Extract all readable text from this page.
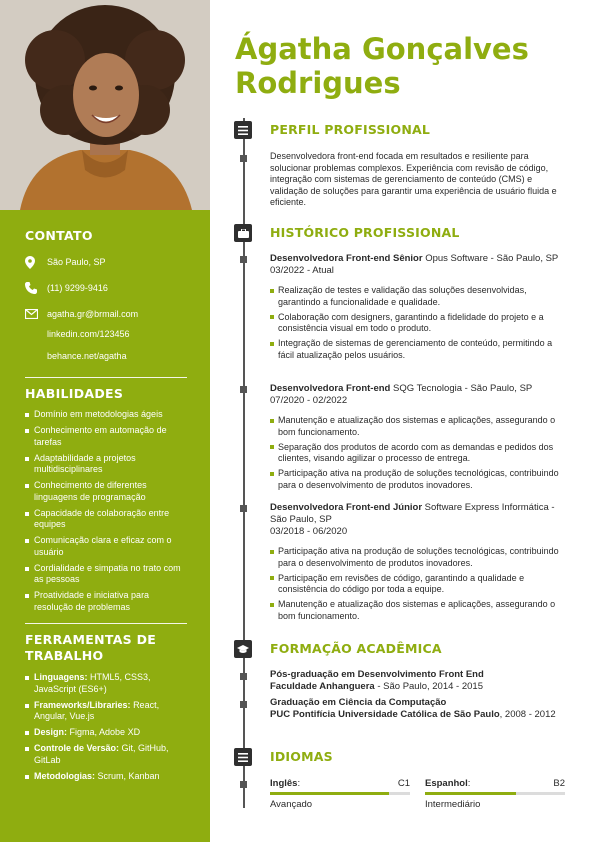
CONTATO
São Paulo, SP
(11) 9299-9416
agatha.gr@brmail.com
linkedin.com/123456
behance.net/agatha
HABILIDADES
Domínio em metodologias ágeis
Conhecimento em automação de tarefas
Adaptabilidade a projetos multidisciplinares
Conhecimento de diferentes linguagens de programação
Capacidade de colaboração entre equipes
Comunicação clara e eficaz com o usuário
Cordialidade e simpatia no trato com as pessoas
Proatividade e iniciativa para resolução de problemas
FERRAMENTAS DE
TRABALHO
Linguagens: HTML5, CSS3, JavaScript (ES6+)
Frameworks/Libraries: React, Angular, Vue.js
Design: Figma, Adobe XD
Controle de Versão: Git, GitHub, GitLab
Metodologias: Scrum, Kanban
Ágatha Gonçalves
Rodrigues
PERFIL PROFISSIONAL
Desenvolvedora front-end focada em resultados e resiliente para solucionar problemas complexos. Experiência com revisão de código, integração com sistemas de gerenciamento de conteúdo (CMS) e validação de soluções para garantir uma experiência de usuário fluida e eficiente.
HISTÓRICO PROFISSIONAL
Desenvolvedora Front-end Sênior Opus Software - São Paulo, SP
03/2022 - Atual
Realização de testes e validação das soluções desenvolvidas, garantindo a funcionalidade e qualidade.
Colaboração com designers, garantindo a fidelidade do projeto e a consistência visual em todo o produto.
Integração de sistemas de gerenciamento de conteúdo, permitindo a fácil atualização pelos usuários.
Desenvolvedora Front-end SQG Tecnologia - São Paulo, SP
07/2020 - 02/2022
Manutenção e atualização dos sistemas e aplicações, assegurando o bom funcionamento.
Separação dos produtos de acordo com as demandas e pedidos dos clientes, visando agilizar o processo de entrega.
Participação ativa na produção de soluções tecnológicas, contribuindo para o desenvolvimento de produtos inovadores.
Desenvolvedora Front-end Júnior Software Express Informática - São Paulo, SP
03/2018 - 06/2020
Participação ativa na produção de soluções tecnológicas, contribuindo para o desenvolvimento de produtos inovadores.
Participação em revisões de código, garantindo a qualidade e consistência do código por toda a equipe.
Manutenção e atualização dos sistemas e aplicações, assegurando o bom funcionamento.
FORMAÇÃO ACADÊMICA
Pós-graduação em Desenvolvimento Front End
Faculdade Anhanguera - São Paulo, 2014 - 2015
Graduação em Ciência da Computação
PUC Pontifícia Universidade Católica de São Paulo, 2008 - 2012
IDIOMAS
Inglês:	C1
Avançado
Espanhol:	B2
Intermediário
